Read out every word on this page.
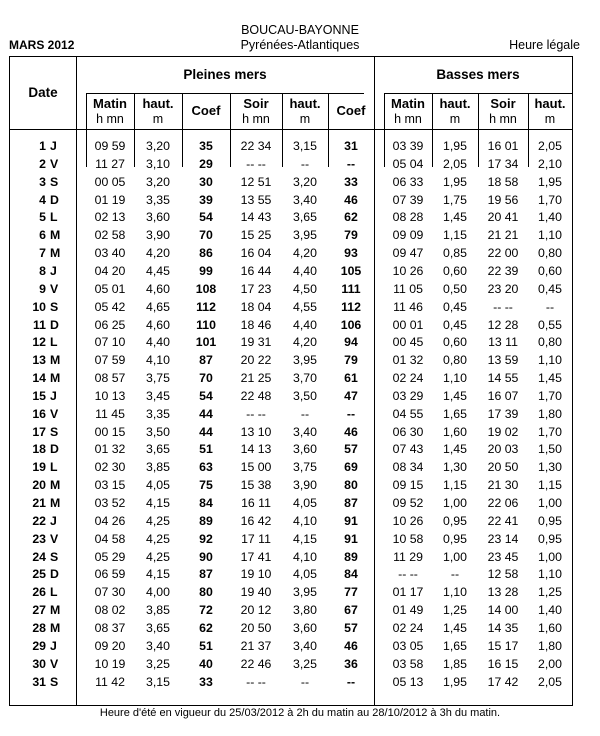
MARS 2012
BOUCAU-BAYONNE
Pyrénées-Atlantiques	Heure légale
Date
Pleines mers	Basses mers
Matin
h mn
haut.
m
Coef	Soir
h mn
haut.
m
Coef	Matin
h mn
haut.
m
Soir
h mn
haut.
m
1 J	09 59	3,20	35	22 34	3,15	31	03 39	1,95	16 01	2,05
2 V	11 27	3,10	29	-- --	--	--	05 04	2,05	17 34	2,10
3 S	00 05	3,20	30	12 51	3,20	33	06 33	1,95	18 58	1,95
4 D	01 19	3,35	39	13 55	3,40	46	07 39	1,75	19 56	1,70
5 L	02 13	3,60	54	14 43	3,65	62	08 28	1,45	20 41	1,40
6 M	02 58	3,90	70	15 25	3,95	79	09 09	1,15	21 21	1,10
7 M	03 40	4,20	86	16 04	4,20	93	09 47	0,85	22 00	0,80
8 J	04 20	4,45	99	16 44	4,40	105	10 26	0,60	22 39	0,60
9 V	05 01	4,60	108	17 23	4,50	111	11 05	0,50	23 20	0,45
10 S	05 42	4,65	112	18 04	4,55	112	11 46	0,45	-- --	--
11 D	06 25	4,60	110	18 46	4,40	106	00 01	0,45	12 28	0,55
12 L	07 10	4,40	101	19 31	4,20	94	00 45	0,60	13 11	0,80
13 M	07 59	4,10	87	20 22	3,95	79	01 32	0,80	13 59	1,10
14 M	08 57	3,75	70	21 25	3,70	61	02 24	1,10	14 55	1,45
15 J	10 13	3,45	54	22 48	3,50	47	03 29	1,45	16 07	1,70
16 V	11 45	3,35	44	-- --	--	--	04 55	1,65	17 39	1,80
17 S	00 15	3,50	44	13 10	3,40	46	06 30	1,60	19 02	1,70
18 D	01 32	3,65	51	14 13	3,60	57	07 43	1,45	20 03	1,50
19 L	02 30	3,85	63	15 00	3,75	69	08 34	1,30	20 50	1,30
20 M	03 15	4,05	75	15 38	3,90	80	09 15	1,15	21 30	1,15
21 M	03 52	4,15	84	16 11	4,05	87	09 52	1,00	22 06	1,00
22 J	04 26	4,25	89	16 42	4,10	91	10 26	0,95	22 41	0,95
23 V	04 58	4,25	92	17 11	4,15	91	10 58	0,95	23 14	0,95
24 S	05 29	4,25	90	17 41	4,10	89	11 29	1,00	23 45	1,00
25 D	06 59	4,15	87	19 10	4,05	84	-- --	--	12 58	1,10
26 L	07 30	4,00	80	19 40	3,95	77	01 17	1,10	13 28	1,25
27 M	08 02	3,85	72	20 12	3,80	67	01 49	1,25	14 00	1,40
28 M	08 37	3,65	62	20 50	3,60	57	02 24	1,45	14 35	1,60
29 J	09 20	3,40	51	21 37	3,40	46	03 05	1,65	15 17	1,80
30 V	10 19	3,25	40	22 46	3,25	36	03 58	1,85	16 15	2,00
31 S	11 42	3,15	33	-- --	--	--	05 13	1,95	17 42	2,05
Heure d'été en vigueur du 25/03/2012 à 2h du matin au 28/10/2012 à 3h du matin.
